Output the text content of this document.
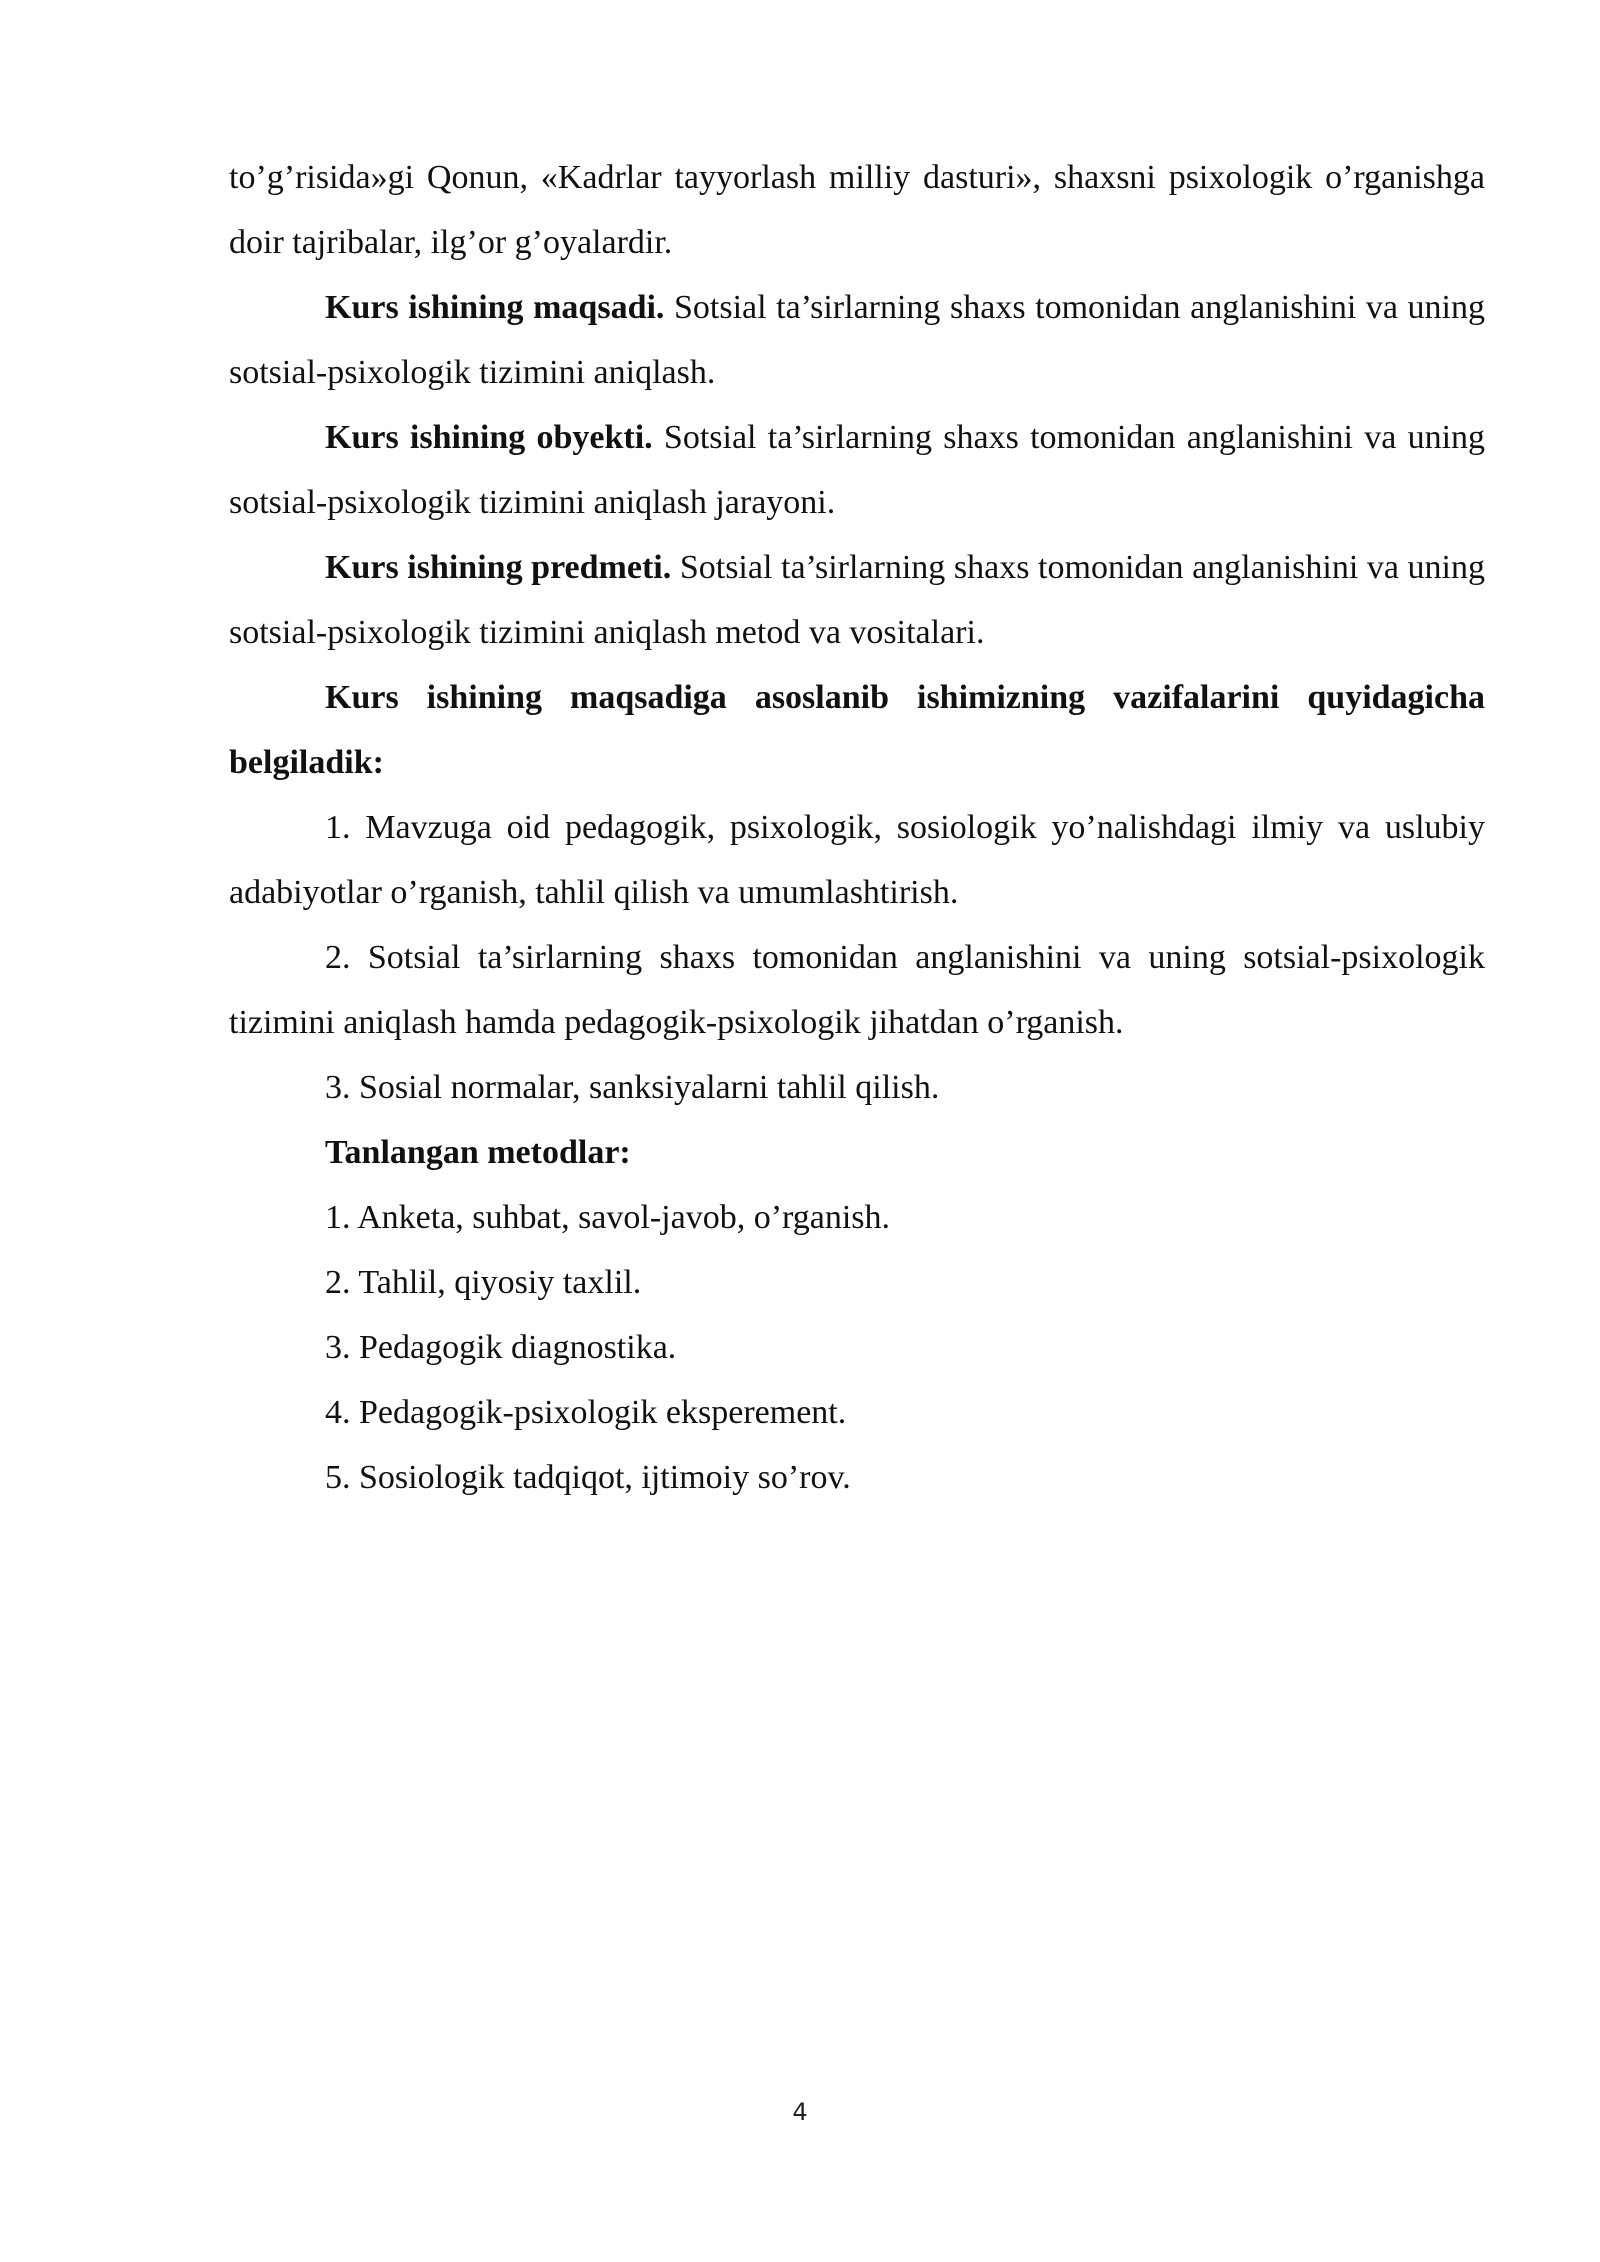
to’g’risida»gi Qonun, «Kadrlar tayyorlash milliy dasturi», shaxsni psixologik o’rganishga doir tajribalar, ilg’or g’oyalardir.

Kurs ishining maqsadi. Sotsial ta’sirlarning shaxs tomonidan anglanishini va uning sotsial-psixologik tizimini aniqlash.

Kurs ishining obyekti. Sotsial ta’sirlarning shaxs tomonidan anglanishini va uning sotsial-psixologik tizimini aniqlash jarayoni.

Kurs ishining predmeti. Sotsial ta’sirlarning shaxs tomonidan anglanishini va uning sotsial-psixologik tizimini aniqlash metod va vositalari.

Kurs ishining maqsadiga asoslanib ishimizning vazifalarini quyidagicha belgiladik:

1. Mavzuga oid pedagogik, psixologik, sosiologik yo’nalishdagi ilmiy va uslubiy adabiyotlar o’rganish, tahlil qilish va umumlashtirish.

2. Sotsial ta’sirlarning shaxs tomonidan anglanishini va uning sotsial-psixologik tizimini aniqlash hamda pedagogik-psixologik jihatdan o’rganish.

3. Sosial normalar, sanksiyalarni tahlil qilish.

Tanlangan metodlar:

1. Anketa, suhbat, savol-javob, o’rganish.

2. Tahlil, qiyosiy taxlil.

3. Pedagogik diagnostika.

4. Pedagogik-psixologik eksperement.

5. Sosiologik tadqiqot, ijtimoiy so’rov.

4
